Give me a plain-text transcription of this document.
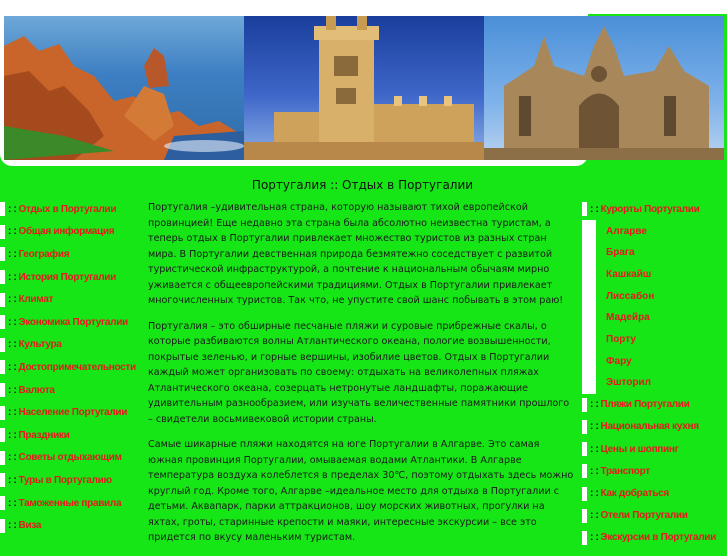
Португалия :: Отдых в Португалии
: : Отдых в Португалии
: : Общая информация
: : География
: : История Португалии
: : Климат
: : Экономика Португалии
: : Культура
: : Достопримечательности
: : Валюта
: : Население Португалии
: : Праздники
: : Советы отдыхающим
: : Туры в Португалию
: : Таможенные правила
: : Виза

Португалия –удивительная страна, которую называют тихой европейской провинцией! Еще недавно эта страна была абсолютно неизвестна туристам, а теперь отдых в Португалии привлекает множество туристов из разных стран мира. В Португалии девственная природа безмятежно соседствует с развитой туристической инфраструктурой, а почтение к национальным обычаям мирно уживается с общеевропейскими традициями. Отдых в Португалии привлекает многочисленных туристов. Так что, не упустите свой шанс побывать в этом раю!

Португалия – это обширные песчаные пляжи и суровые прибрежные скалы, о которые разбиваются волны Атлантического океана, пологие возвышенности, покрытые зеленью, и горные вершины, изобилие цветов. Отдых в Португалии каждый может организовать по своему: отдыхать на великолепных пляжах Атлантического океана, созерцать нетронутые ландшафты, поражающие удивительным разнообразием, или изучать величественные памятники прошлого – свидетели восьмивековой истории страны.

Самые шикарные пляжи находятся на юге Португалии в Алгарве. Это самая южная провинция Португалии, омываемая водами Атлантики. В Алгарве температура воздуха колеблется в пределах 30℃, поэтому отдыхать здесь можно круглый год. Кроме того, Алгарве –идеальное место для отдыха в Португалии с детьми. Аквапарк, парки аттракционов, шоу морских животных, прогулки на яхтах, гроты, старинные крепости и маяки, интересные экскурсии – все это придется по вкусу маленьким туристам.

: : Курорты Португалии
Алгарве
Брага
Кашкайш
Лиссабон
Мадейра
Порту
Фару
Эшторил
: : Пляжи Португалии
: : Национальная кухня
: : Цены и шоппинг
: : Транспорт
: : Как добраться
: : Отели Португалии
: : Экскурсии в Португалии
